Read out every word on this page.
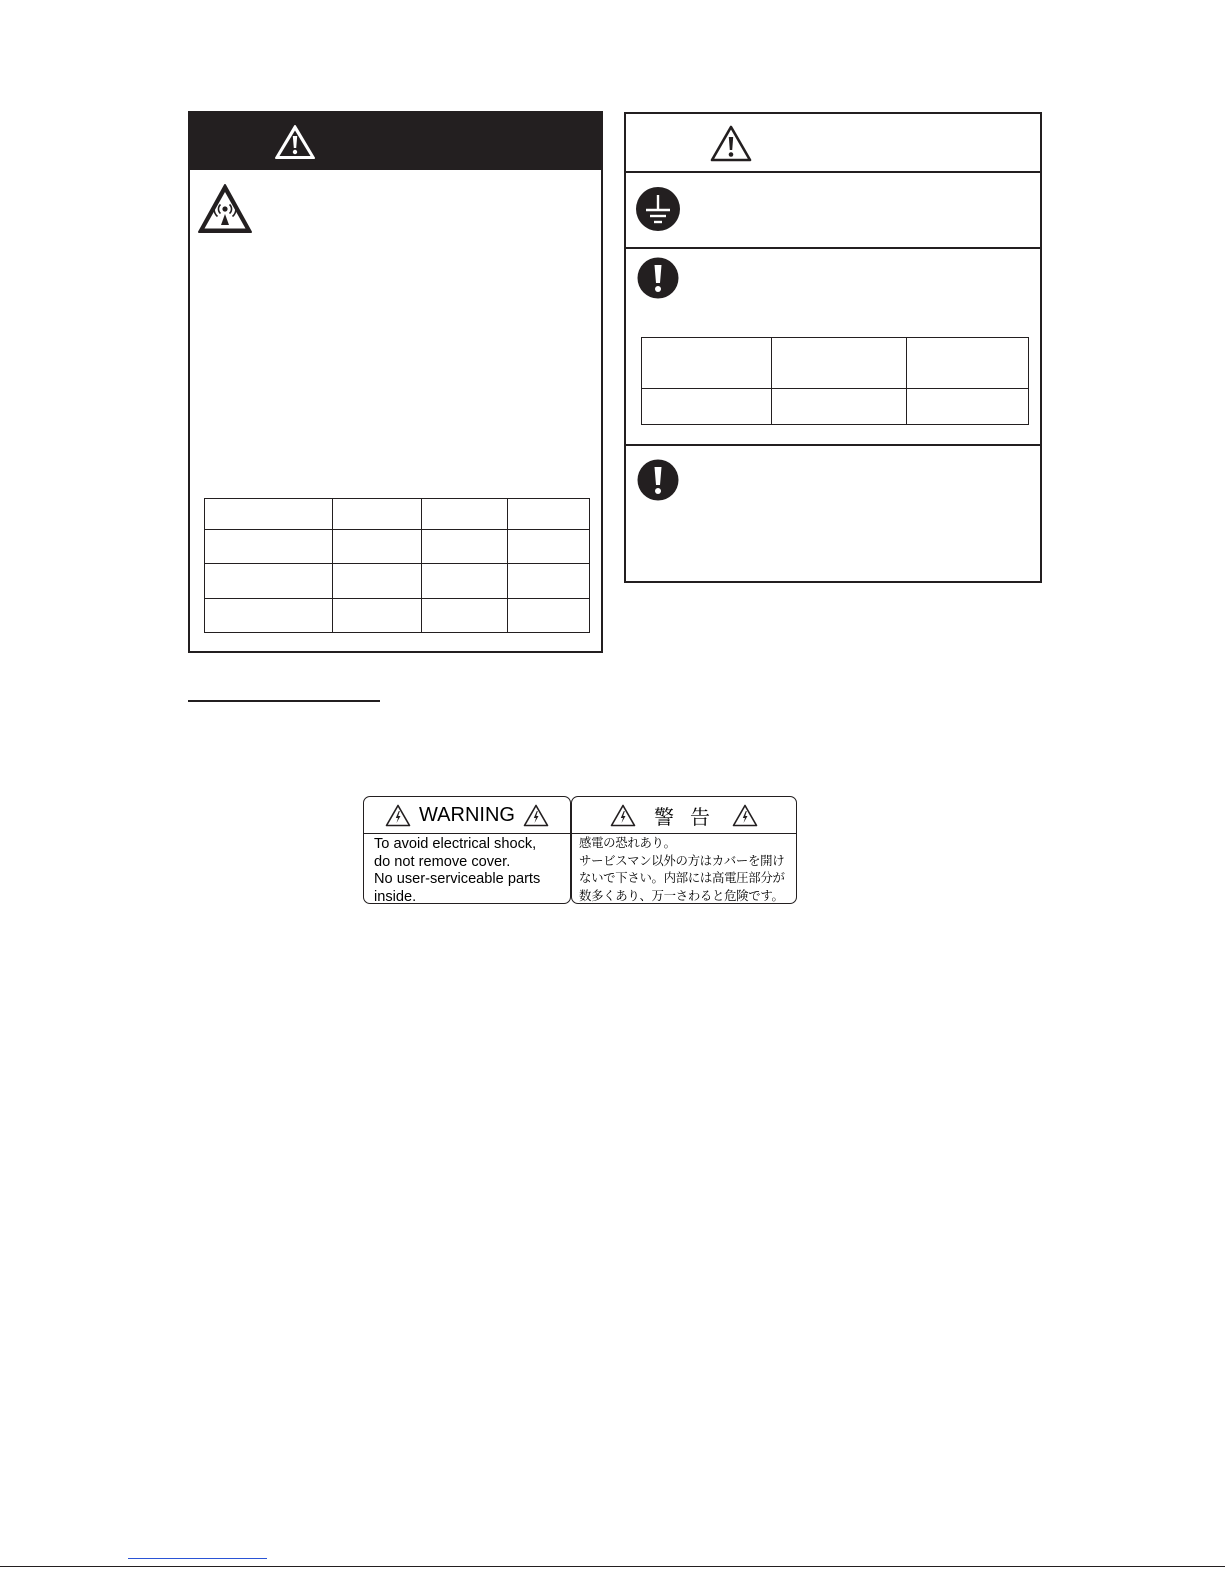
WARNING
To avoid electrical shock,
do not remove cover.
No user-serviceable parts
inside.
警告
感電の恐れあり。
サービスマン以外の方はカバーを開け
ないで下さい。内部には高電圧部分が
数多くあり、万一さわると危険です。
